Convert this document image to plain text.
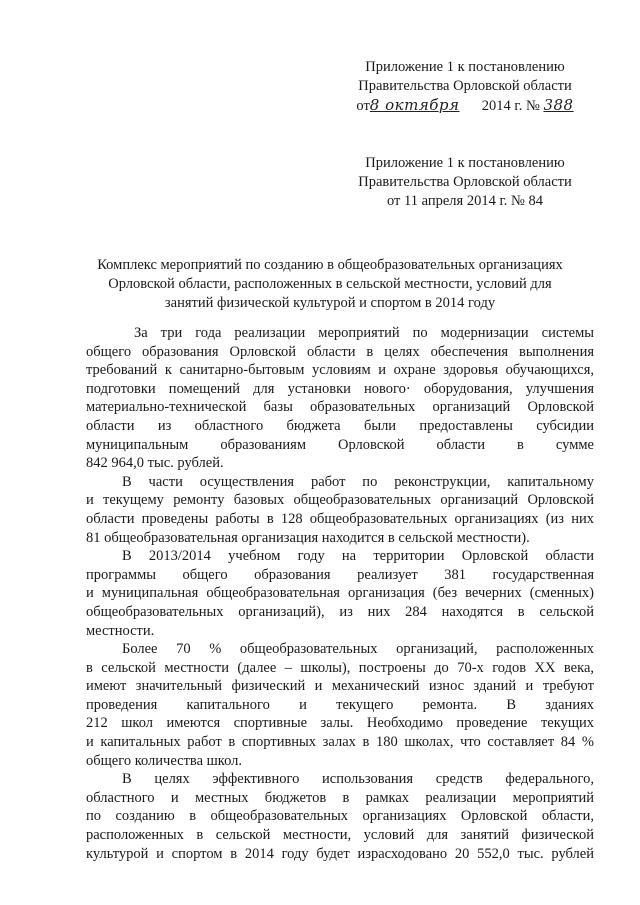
Приложение 1 к постановлению
Правительства Орловской области
от8 октября 2014 г. № 388
Приложение 1 к постановлению
Правительства Орловской области
от 11 апреля 2014 г. № 84
Комплекс мероприятий по созданию в общеобразовательных организациях
Орловской области, расположенных в сельской местности, условий для
занятий физической культурой и спортом в 2014 году
За три года реализации мероприятий по модернизации системы
общего образования Орловской области в целях обеспечения выполнения
требований к санитарно-бытовым условиям и охране здоровья обучающихся,
подготовки помещений для установки нового· оборудования, улучшения
материально-технической базы образовательных организаций Орловской
области из областного бюджета были предоставлены субсидии
муниципальным образованиям Орловской области в сумме
842 964,0 тыс. рублей.
В части осуществления работ по реконструкции, капитальному
и текущему ремонту базовых общеобразовательных организаций Орловской
области проведены работы в 128 общеобразовательных организациях (из них
81 общеобразовательная организация находится в сельской местности).
В 2013/2014 учебном году на территории Орловской области
программы общего образования реализует 381 государственная
и муниципальная общеобразовательная организация (без вечерних (сменных)
общеобразовательных организаций), из них 284 находятся в сельской
местности.
Более 70 % общеобразовательных организаций, расположенных
в сельской местности (далее – школы), построены до 70-х годов XX века,
имеют значительный физический и механический износ зданий и требуют
проведения капитального и текущего ремонта. В зданиях
212 школ имеются спортивные залы. Необходимо проведение текущих
и капитальных работ в спортивных залах в 180 школах, что составляет 84 %
общего количества школ.
В целях эффективного использования средств федерального,
областного и местных бюджетов в рамках реализации мероприятий
по созданию в общеобразовательных организациях Орловской области,
расположенных в сельской местности, условий для занятий физической
культурой и спортом в 2014 году будет израсходовано 20 552,0 тыс. рублей
